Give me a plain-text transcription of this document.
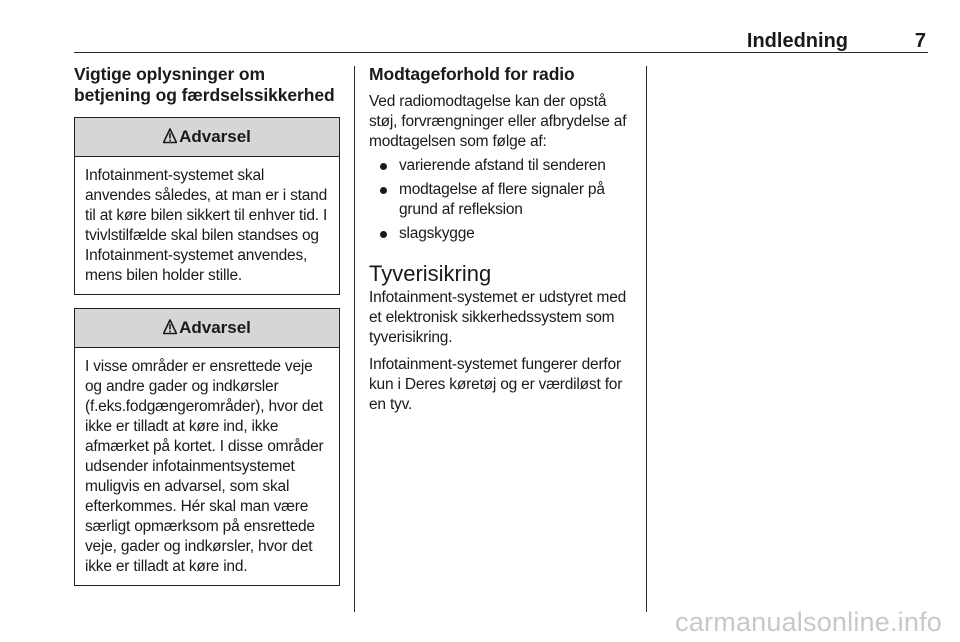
Indledning	7
Vigtige oplysninger om betjening og færdselssikkerhed
Advarsel
Infotainment-systemet skal anvendes således, at man er i stand til at køre bilen sikkert til enhver tid. I tvivlstilfælde skal bilen standses og Infotainment-systemet anvendes, mens bilen holder stille.
Advarsel
I visse områder er ensrettede veje og andre gader og indkørsler (f.eks.fodgængerområder), hvor det ikke er tilladt at køre ind, ikke afmærket på kortet. I disse områder udsender infotainmentsystemet muligvis en advarsel, som skal efterkommes. Hér skal man være særligt opmærksom på ensrettede veje, gader og indkørsler, hvor det ikke er tilladt at køre ind.
Modtageforhold for radio

Ved radiomodtagelse kan der opstå støj, forvrængninger eller afbrydelse af modtagelsen som følge af:

varierende afstand til senderen
modtagelse af flere signaler på grund af refleksion
slagskygge
Tyverisikring

Infotainment-systemet er udstyret med et elektronisk sikkerhedssystem som tyverisikring.

Infotainment-systemet fungerer derfor kun i Deres køretøj og er værdiløst for en tyv.

carmanualsonline.info
